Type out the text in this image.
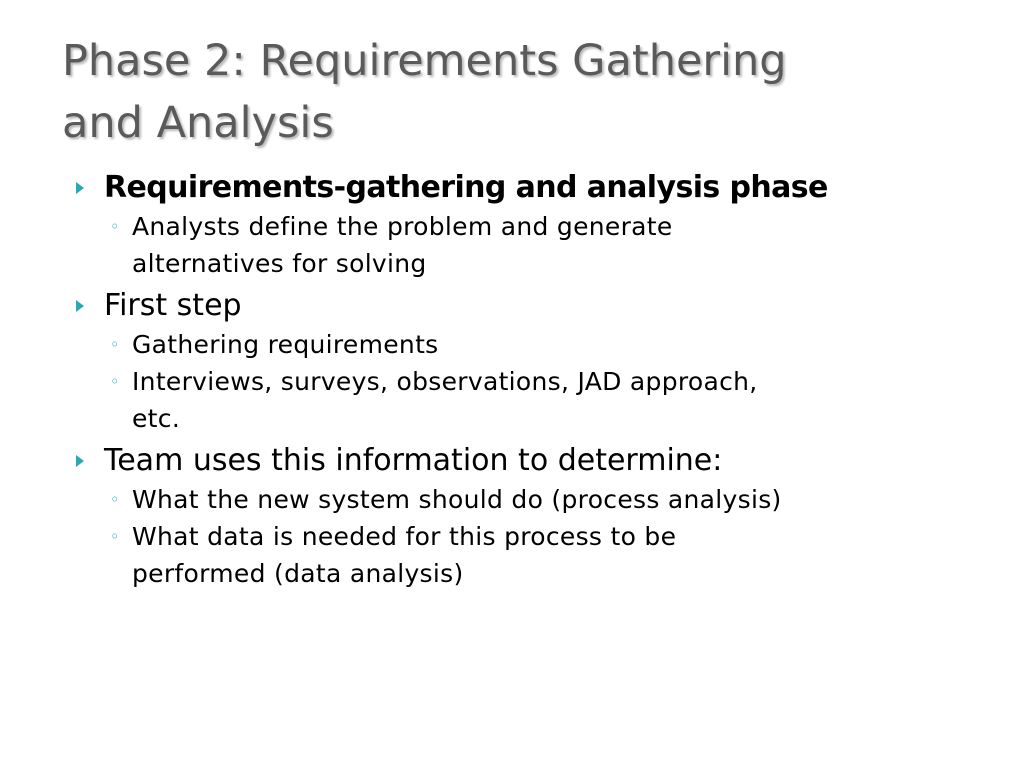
Phase 2: Requirements Gathering
and Analysis
Requirements-gathering and analysis phase
◦ Analysts define the problem and generate
alternatives for solving
First step
◦ Gathering requirements
◦ Interviews, surveys, observations, JAD approach,
etc.
Team uses this information to determine:
◦ What the new system should do (process analysis)
◦ What data is needed for this process to be
performed (data analysis)
